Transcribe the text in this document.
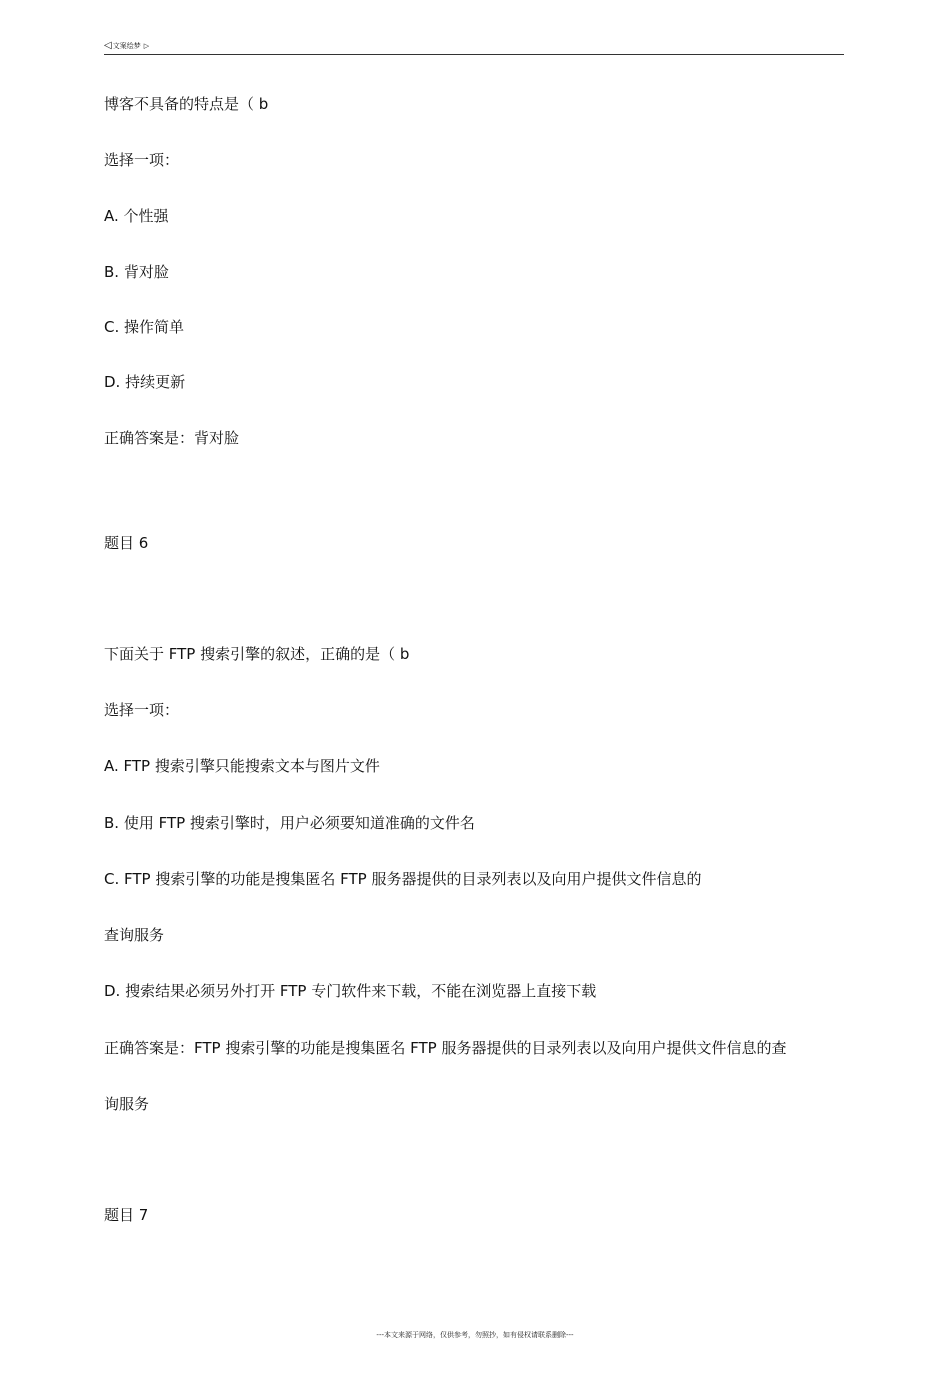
◁文案绘梦 ▷
博客不具备的特点是（ b
选择一项：
A. 个性强
B. 背对脸
C. 操作简单
D. 持续更新
正确答案是：背对脸
题目 6
下面关于 FTP 搜索引擎的叙述，正确的是（ b
选择一项：
A. FTP 搜索引擎只能搜索文本与图片文件
B. 使用 FTP 搜索引擎时，用户必须要知道准确的文件名
C. FTP 搜索引擎的功能是搜集匿名 FTP 服务器提供的目录列表以及向用户提供文件信息的
查询服务
D. 搜索结果必须另外打开 FTP 专门软件来下载，不能在浏览器上直接下载
正确答案是：FTP 搜索引擎的功能是搜集匿名 FTP 服务器提供的目录列表以及向用户提供文件信息的查
询服务
题目 7
---本文来源于网络，仅供参考，勿照抄，如有侵权请联系删除---
